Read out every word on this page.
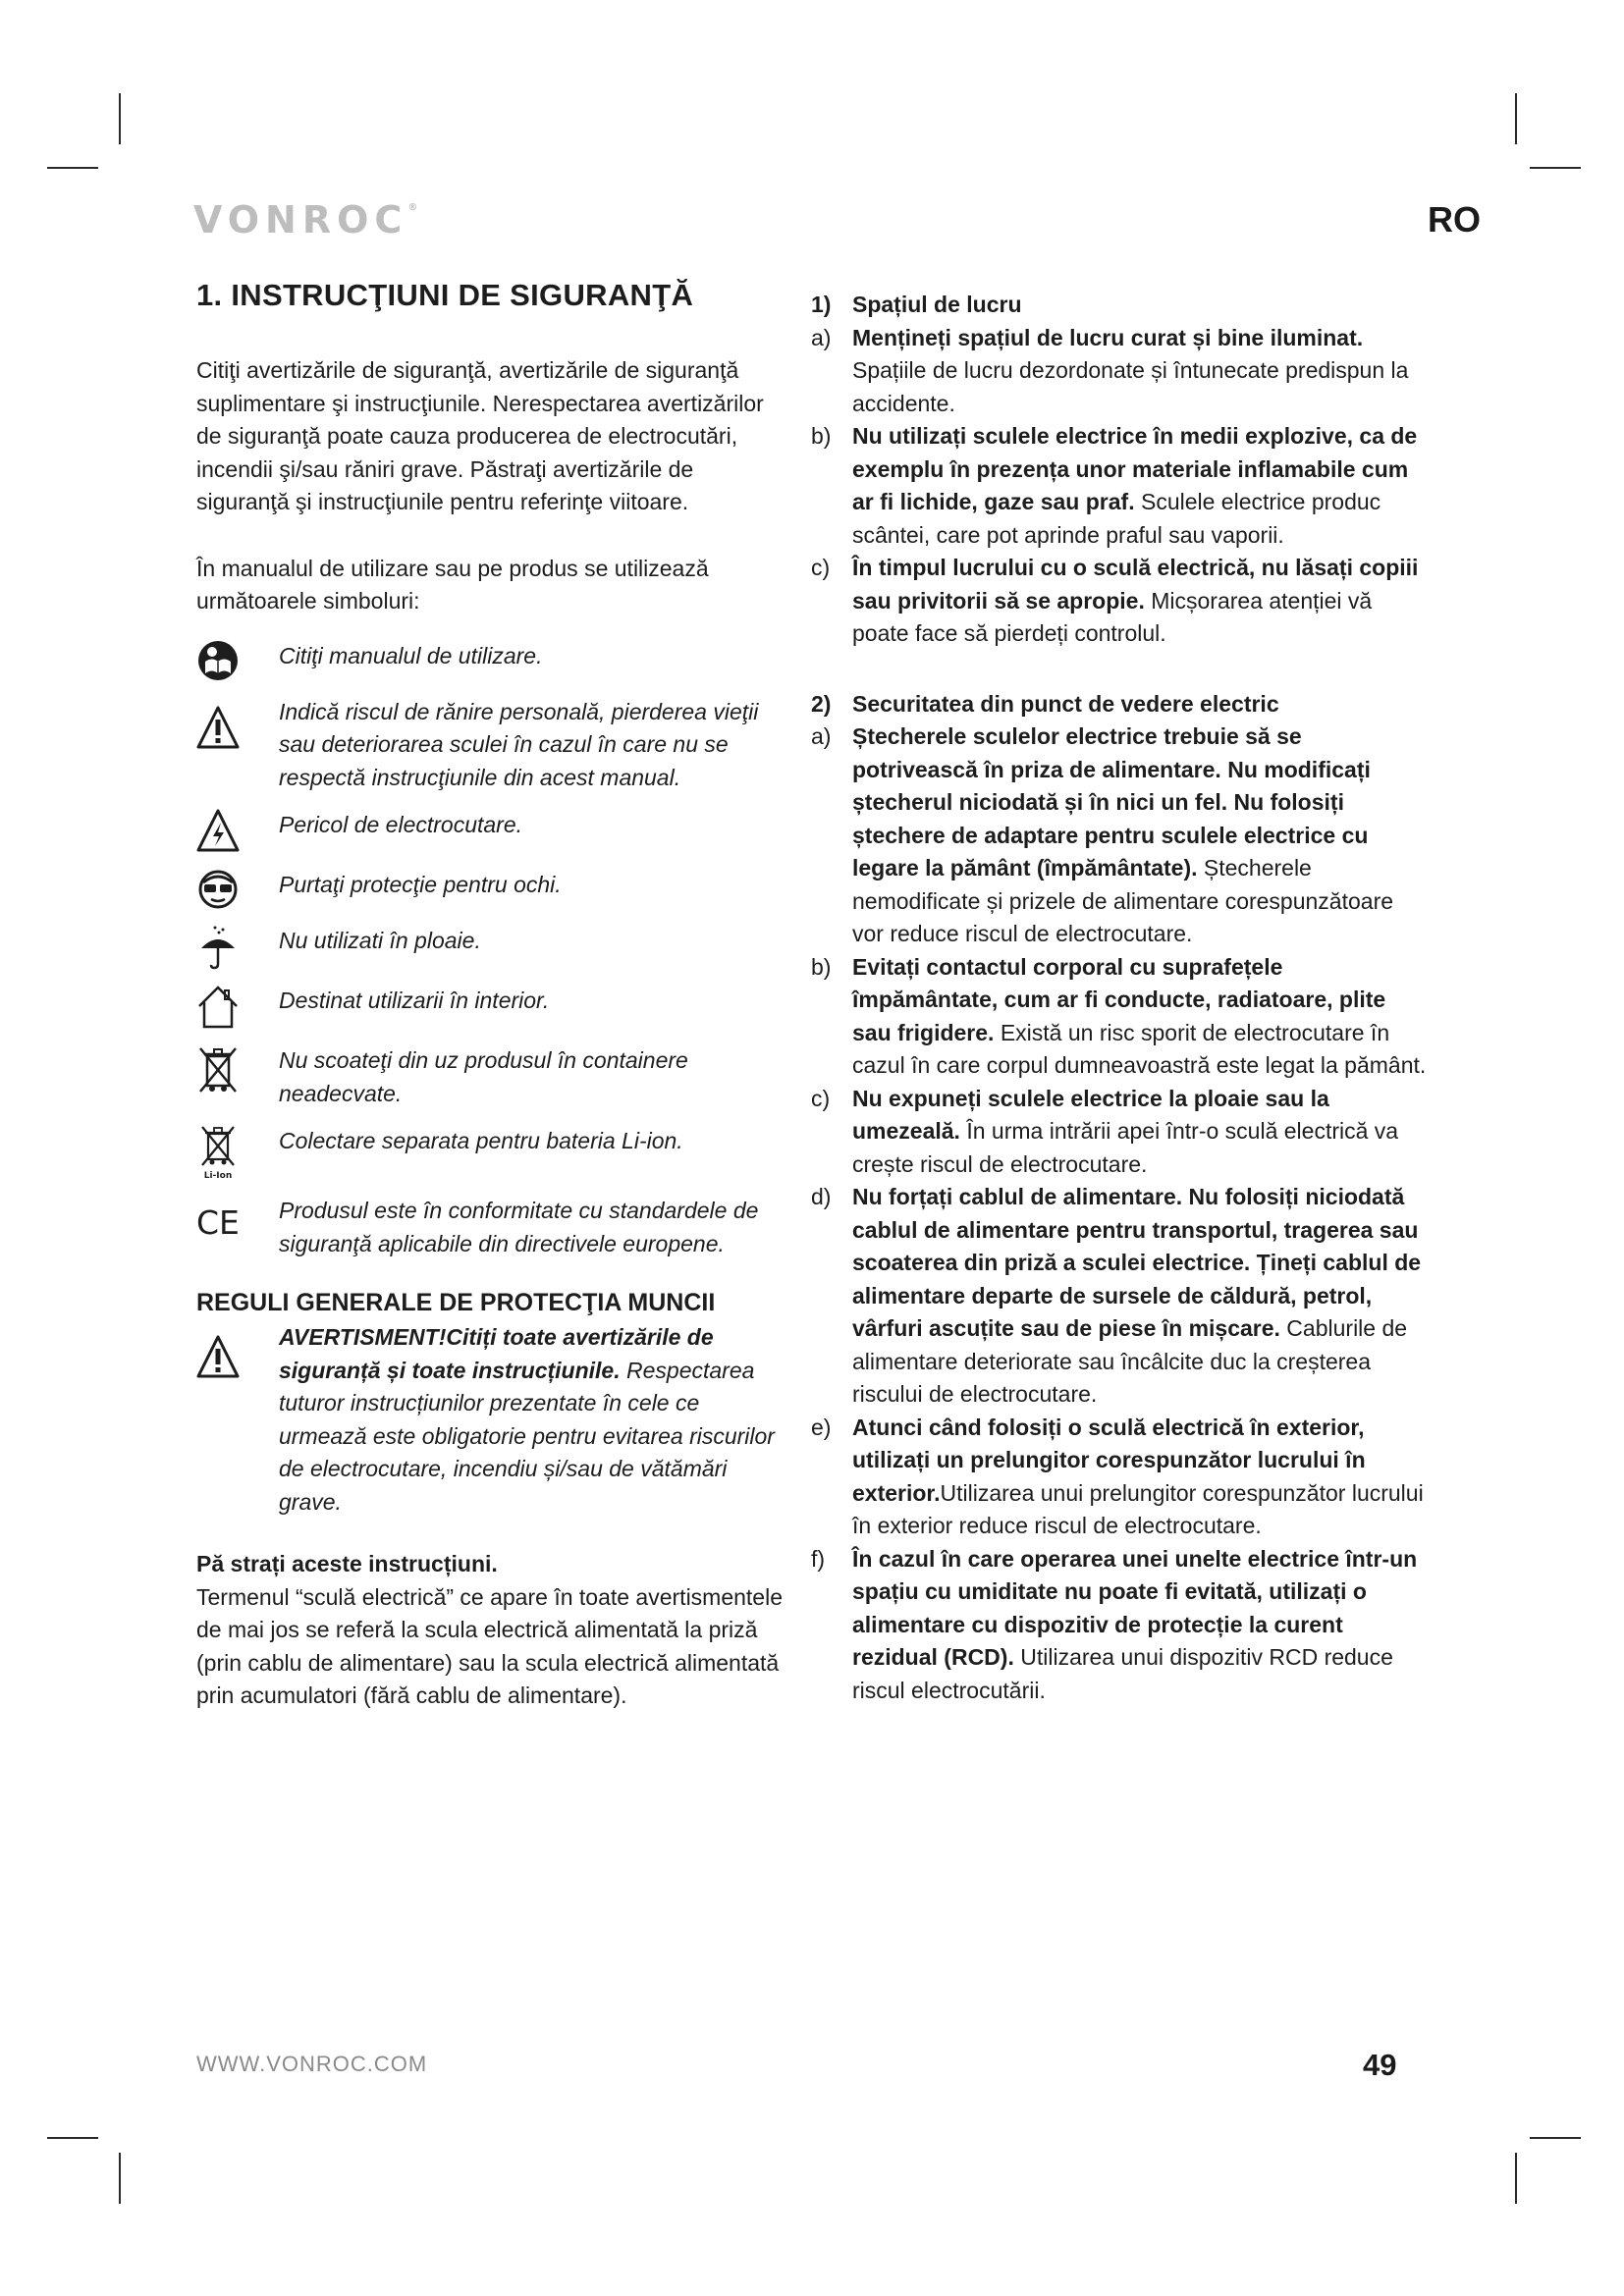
VONROC®	RO
1. INSTRUCŢIUNI DE SIGURANŢĂ

Citiţi avertizările de siguranţă, avertizările de siguranţă suplimentare şi instrucţiunile. Nerespectarea avertizărilor de siguranţă poate cauza producerea de electrocutări, incendii şi/sau răniri grave. Păstraţi avertizările de siguranţă şi instrucţiunile pentru referinţe viitoare.

În manualul de utilizare sau pe produs se utilizează următoarele simboluri:

Citiţi manualul de utilizare.
Indică riscul de rănire personală, pierderea vieţii sau deteriorarea sculei în cazul în care nu se respectă instrucţiunile din acest manual.
Pericol de electrocutare.
Purtaţi protecţie pentru ochi.
Nu utilizati în ploaie.
Destinat utilizarii în interior.
Nu scoateţi din uz produsul în containere neadecvate.
Li-Ion
Colectare separata pentru bateria Li-ion.
CE Produsul este în conformitate cu standardele de siguranţă aplicabile din directivele europene.
REGULI GENERALE DE PROTECŢIA MUNCII
AVERTISMENT!Citiți toate avertizările de siguranță și toate instrucțiunile. Respectarea tuturor instrucțiunilor prezentate în cele ce urmează este obligatorie pentru evitarea riscurilor de electrocutare, incendiu și/sau de vătămări grave.
Pă strați aceste instrucțiuni.

Termenul “sculă electrică” ce apare în toate avertismentele de mai jos se referă la scula electrică alimentată la priză (prin cablu de alimentare) sau la scula electrică alimentată prin acumulatori (fără cablu de alimentare).

1) Spațiul de lucru
a) Mențineți spațiul de lucru curat și bine iluminat. Spațiile de lucru dezordonate și întunecate predispun la accidente.
b) Nu utilizați sculele electrice în medii explozive, ca de exemplu în prezența unor materiale inflamabile cum ar fi lichide, gaze sau praf. Sculele electrice produc scântei, care pot aprinde praful sau vaporii.
c) În timpul lucrului cu o sculă electrică, nu lăsați copiii sau privitorii să se apropie. Micșorarea atenției vă poate face să pierdeți controlul.
2) Securitatea din punct de vedere electric
a) Ștecherele sculelor electrice trebuie să se potrivească în priza de alimentare. Nu modificați ștecherul niciodată și în nici un fel. Nu folosiți ștechere de adaptare pentru sculele electrice cu legare la pământ (împământate). Ștecherele nemodificate și prizele de alimentare corespunzătoare vor reduce riscul de electrocutare.
b) Evitați contactul corporal cu suprafețele împământate, cum ar fi conducte, radiatoare, plite sau frigidere. Există un risc sporit de electrocutare în cazul în care corpul dumneavoastră este legat la pământ.
c) Nu expuneți sculele electrice la ploaie sau la umezeală. În urma intrării apei într-o sculă electrică va crește riscul de electrocutare.
d) Nu forțați cablul de alimentare. Nu folosiți niciodată cablul de alimentare pentru transportul, tragerea sau scoaterea din priză a sculei electrice. Țineți cablul de alimentare departe de sursele de căldură, petrol, vârfuri ascuțite sau de piese în mișcare. Cablurile de alimentare deteriorate sau încâlcite duc la creșterea riscului de electrocutare.
e) Atunci când folosiți o sculă electrică în exterior, utilizați un prelungitor corespunzător lucrului în exterior.Utilizarea unui prelungitor corespunzător lucrului în exterior reduce riscul de electrocutare.
f)	În cazul în care operarea unei unelte electrice într-un spațiu cu umiditate nu poate fi evitată, utilizați o alimentare cu dispozitiv de protecție la curent rezidual (RCD). Utilizarea unui dispozitiv RCD reduce riscul electrocutării.
WWW.VONROC.COM	49
